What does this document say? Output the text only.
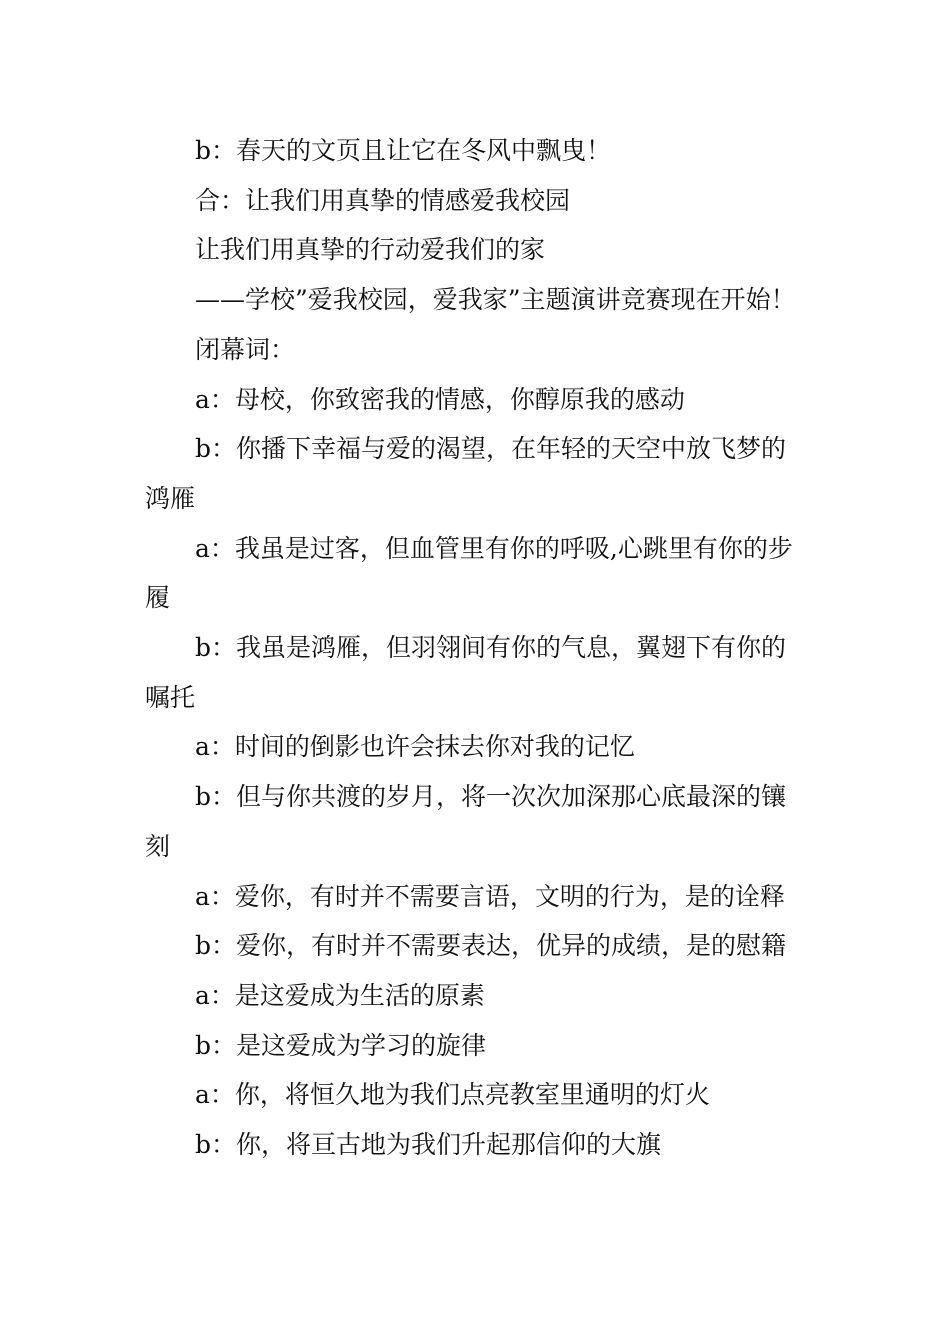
b：春天的文页且让它在冬风中飘曳！

合：让我们用真挚的情感爱我校园

让我们用真挚的行动爱我们的家

——学校”爱我校园，爱我家”主题演讲竞赛现在开始！

闭幕词：

a：母校，你致密我的情感，你醇原我的感动

b：你播下幸福与爱的渴望，在年轻的天空中放飞梦的鸿雁

a：我虽是过客，但血管里有你的呼吸,心跳里有你的步履

b：我虽是鸿雁，但羽翎间有你的气息，翼翅下有你的嘱托

a：时间的倒影也许会抹去你对我的记忆

b：但与你共渡的岁月，将一次次加深那心底最深的镶刻

a：爱你，有时并不需要言语，文明的行为，是的诠释

b：爱你，有时并不需要表达，优异的成绩，是的慰籍

a：是这爱成为生活的原素

b：是这爱成为学习的旋律

a：你，将恒久地为我们点亮教室里通明的灯火

b：你，将亘古地为我们升起那信仰的大旗
